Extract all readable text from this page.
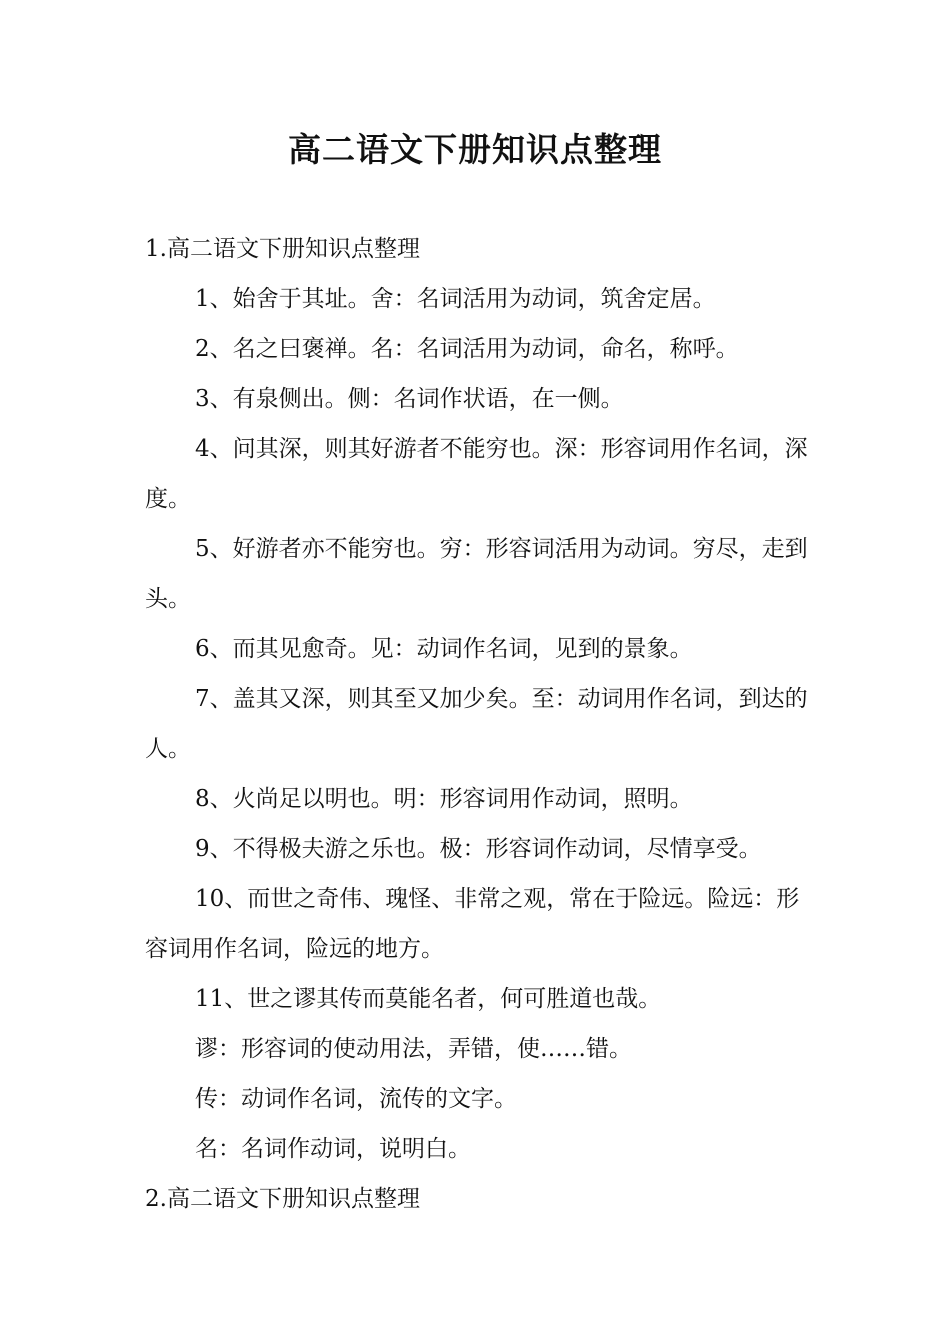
高二语文下册知识点整理

1.高二语文下册知识点整理

1、始舍于其址。舍：名词活用为动词，筑舍定居。

2、名之曰褒禅。名：名词活用为动词，命名，称呼。

3、有泉侧出。侧：名词作状语，在一侧。

4、问其深，则其好游者不能穷也。深：形容词用作名词，深度。

5、好游者亦不能穷也。穷：形容词活用为动词。穷尽，走到头。

6、而其见愈奇。见：动词作名词，见到的景象。

7、盖其又深，则其至又加少矣。至：动词用作名词，到达的人。

8、火尚足以明也。明：形容词用作动词，照明。

9、不得极夫游之乐也。极：形容词作动词，尽情享受。

10、而世之奇伟、瑰怪、非常之观，常在于险远。险远：形容词用作名词，险远的地方。

11、世之谬其传而莫能名者，何可胜道也哉。

谬：形容词的使动用法，弄错，使……错。

传：动词作名词，流传的文字。

名：名词作动词，说明白。

2.高二语文下册知识点整理
